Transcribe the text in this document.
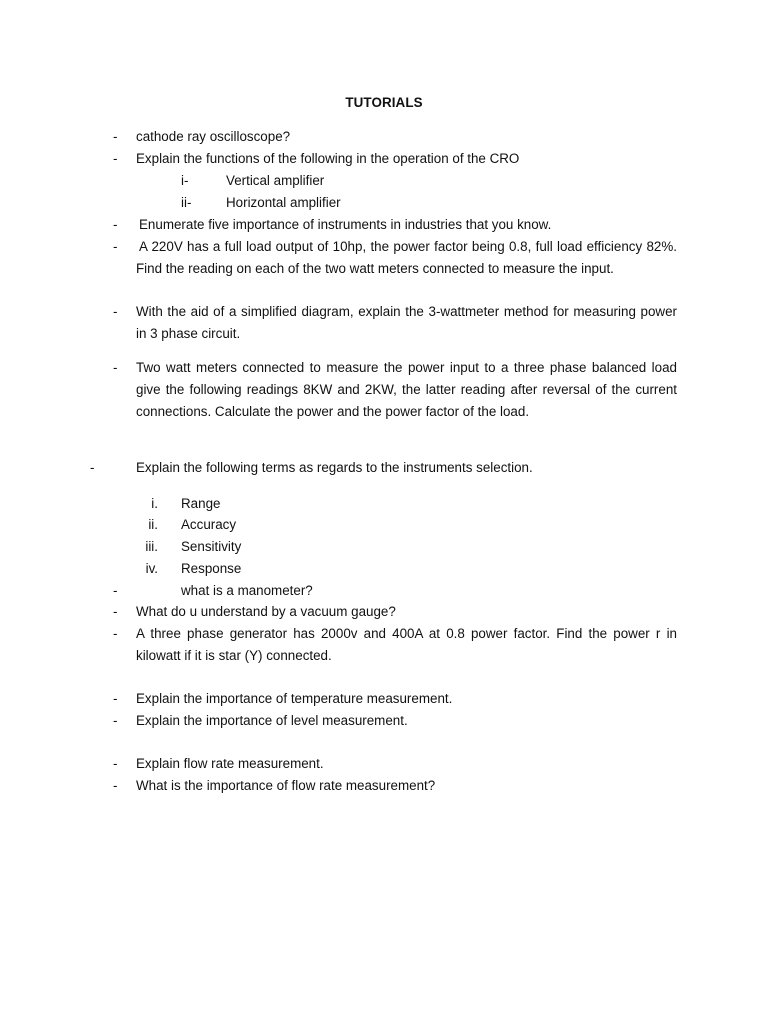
TUTORIALS
- cathode ray oscilloscope?
- Explain the functions of the following in the operation of the CRO
i-	Vertical amplifier
ii-	Horizontal amplifier
- Enumerate five importance of instruments in industries that you know.
- A 220V has a full load output of 10hp, the power factor being 0.8, full load efficiency 82%. Find the reading on each of the two watt meters connected to measure the input.
- With the aid of a simplified diagram, explain the 3-wattmeter method for measuring power in 3 phase circuit.
- Two watt meters connected to measure the power input to a three phase balanced load give the following readings 8KW and 2KW, the latter reading after reversal of the current connections. Calculate the power and the power factor of the load.
-	Explain the following terms as regards to the instruments selection.
i. Range
ii. Accuracy
iii. Sensitivity
iv. Response
-	what is a manometer?
- What do u understand by a vacuum gauge?
- A three phase generator has 2000v and 400A at 0.8 power factor. Find the power r in kilowatt if it is star (Y) connected.
- Explain the importance of temperature measurement.
- Explain the importance of level measurement.
- Explain flow rate measurement.
- What is the importance of flow rate measurement?
